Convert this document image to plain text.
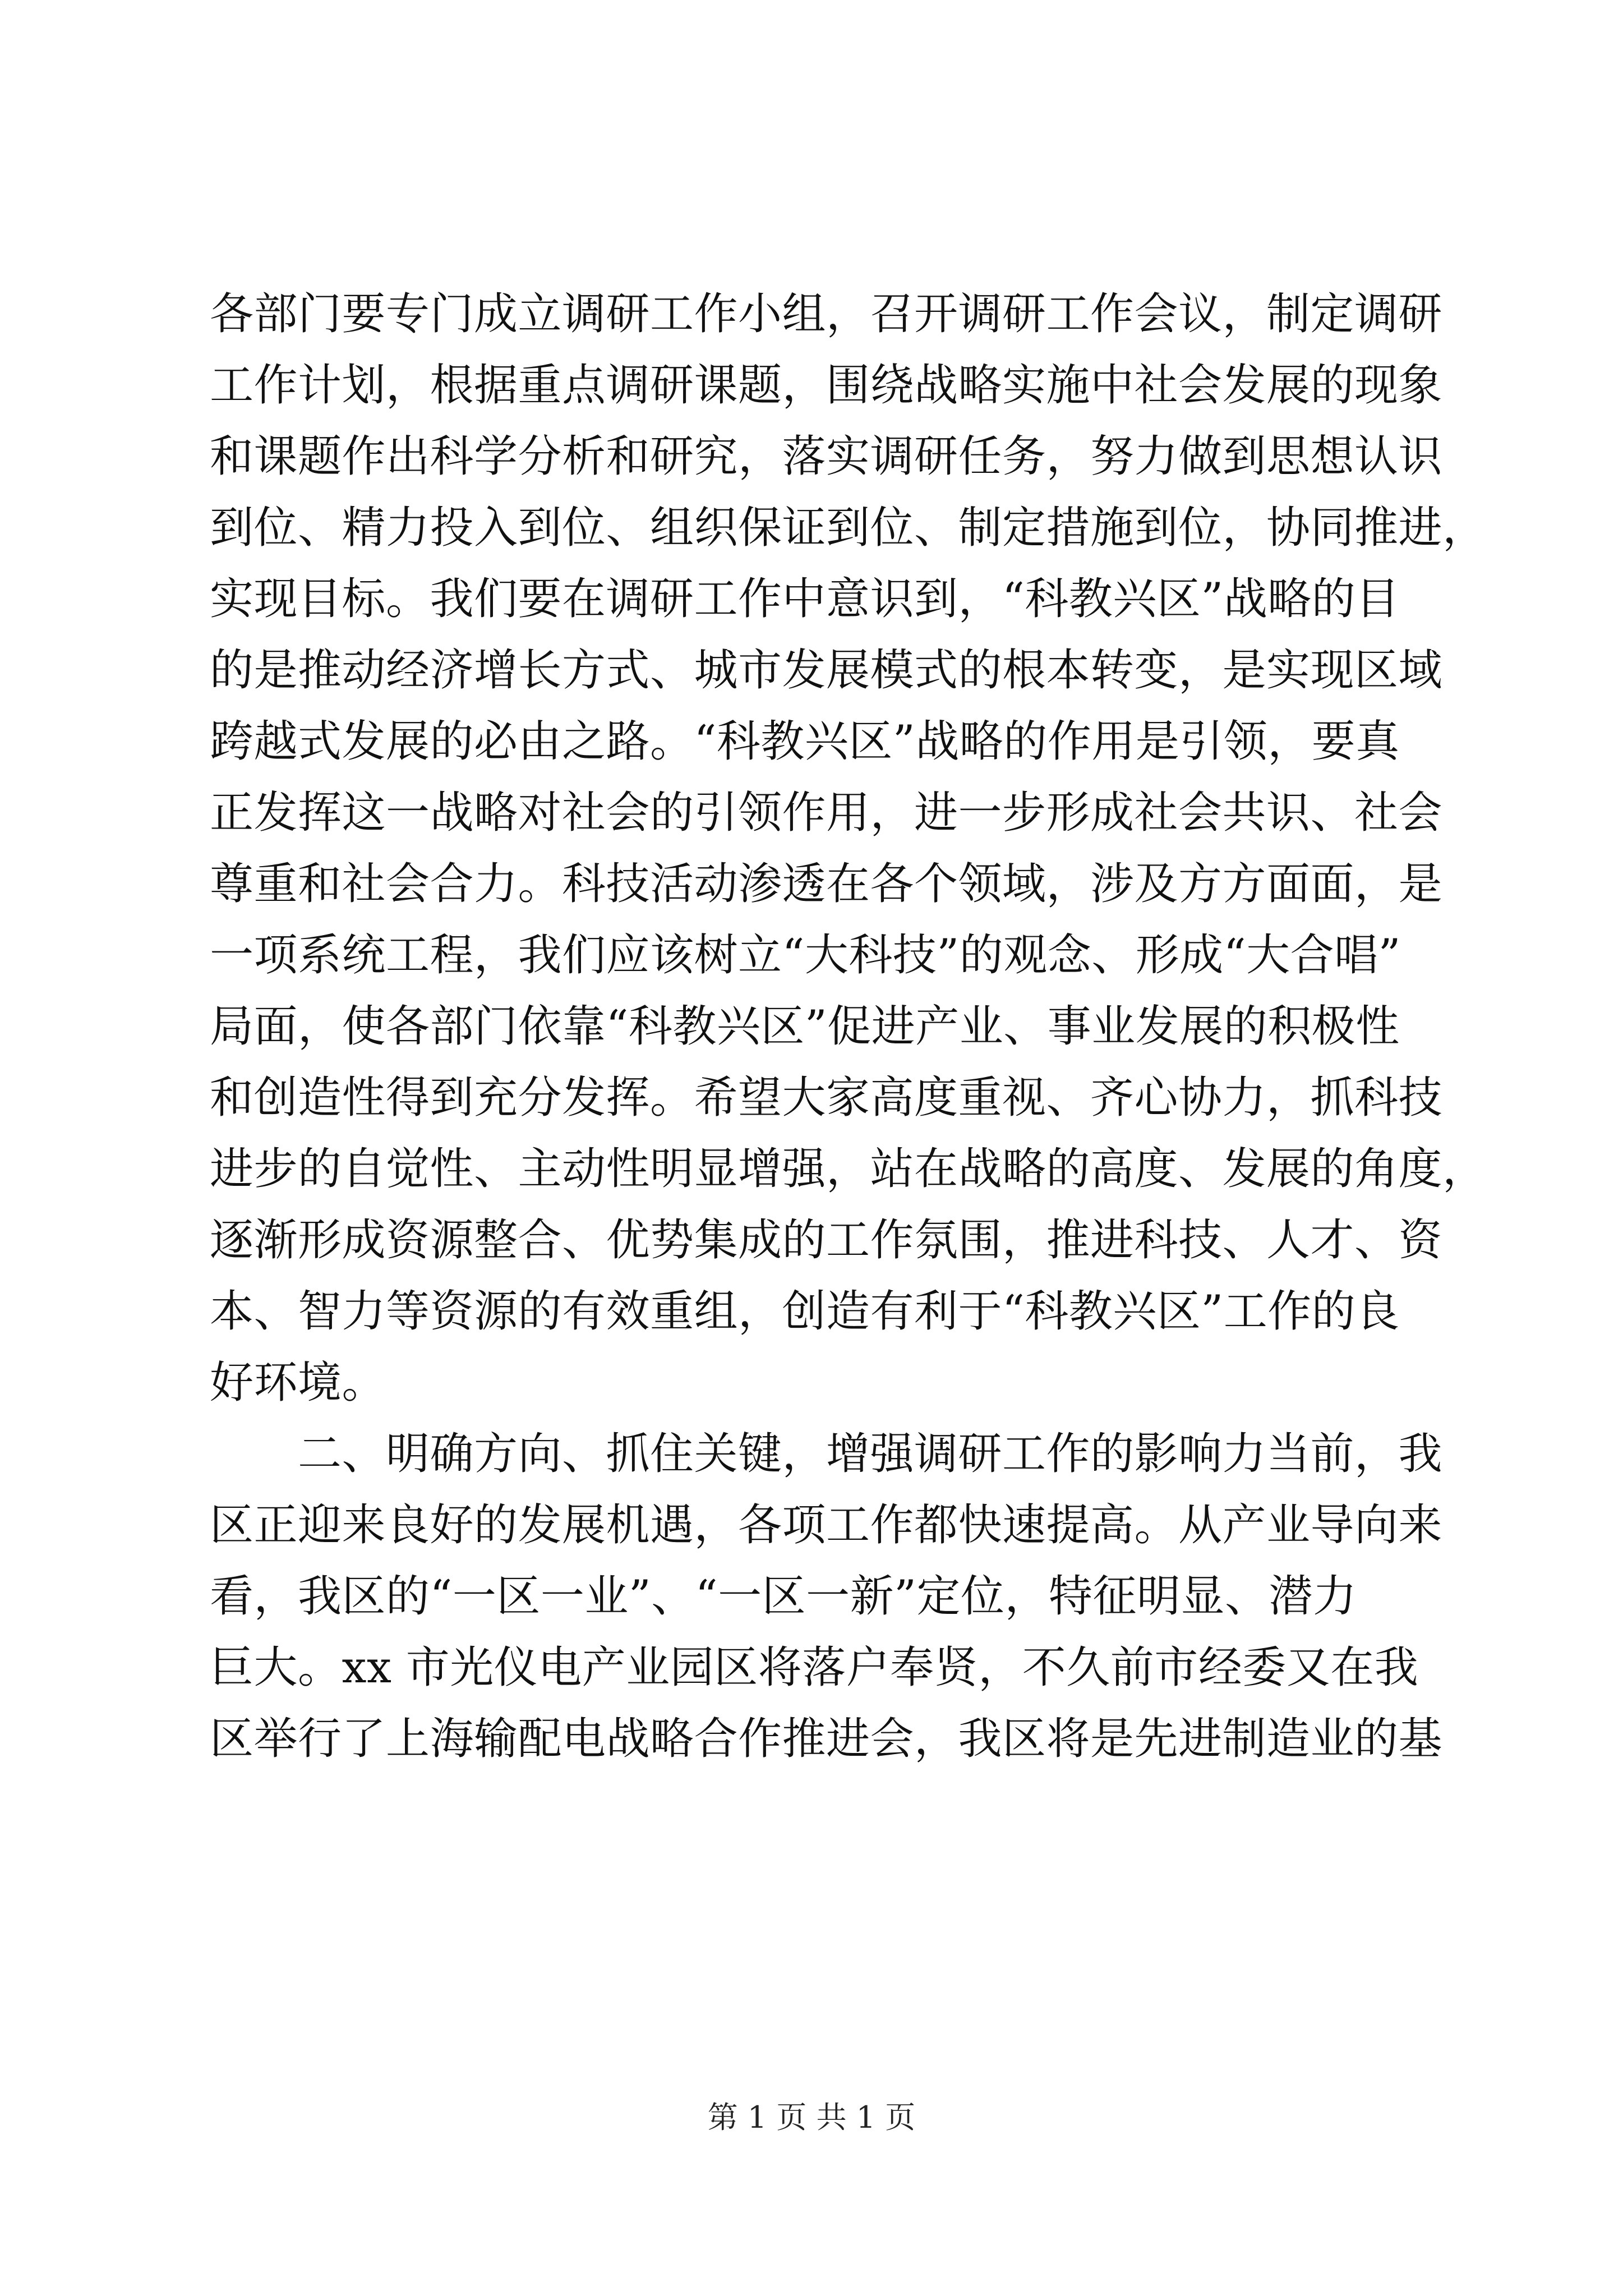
各部门要专门成立调研工作小组，召开调研工作会议，制定调研
工作计划，根据重点调研课题，围绕战略实施中社会发展的现象
和课题作出科学分析和研究，落实调研任务，努力做到思想认识
到位、精力投入到位、组织保证到位、制定措施到位，协同推进，
实现目标。我们要在调研工作中意识到，“科教兴区”战略的目
的是推动经济增长方式、城市发展模式的根本转变，是实现区域
跨越式发展的必由之路。“科教兴区”战略的作用是引领，要真
正发挥这一战略对社会的引领作用，进一步形成社会共识、社会
尊重和社会合力。科技活动渗透在各个领域，涉及方方面面，是
一项系统工程，我们应该树立“大科技”的观念、形成“大合唱”
局面，使各部门依靠“科教兴区”促进产业、事业发展的积极性
和创造性得到充分发挥。希望大家高度重视、齐心协力，抓科技
进步的自觉性、主动性明显增强，站在战略的高度、发展的角度，
逐渐形成资源整合、优势集成的工作氛围，推进科技、人才、资
本、智力等资源的有效重组，创造有利于“科教兴区”工作的良
好环境。
　　二、明确方向、抓住关键，增强调研工作的影响力当前，我
区正迎来良好的发展机遇，各项工作都快速提高。从产业导向来
看，我区的“一区一业”、“一区一新”定位，特征明显、潜力
巨大。xx 市光仪电产业园区将落户奉贤，不久前市经委又在我
区举行了上海输配电战略合作推进会，我区将是先进制造业的基
第 1 页 共 1 页
